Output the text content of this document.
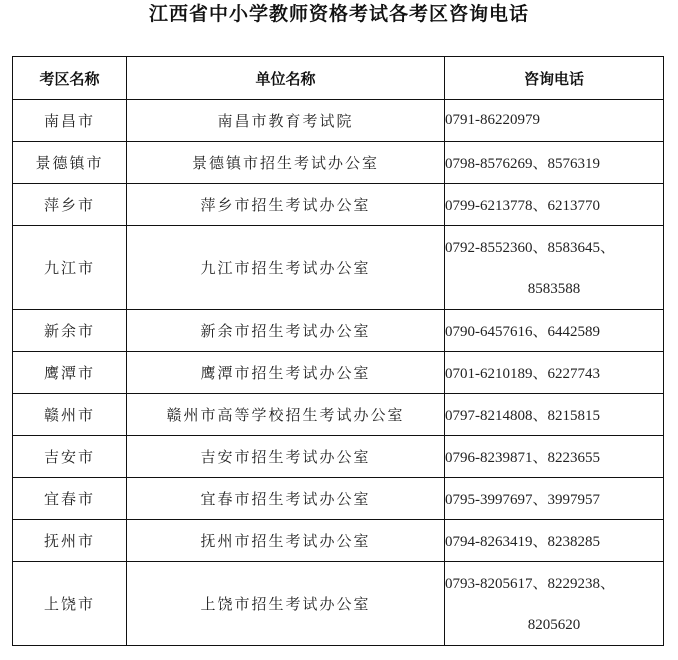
江西省中小学教师资格考试各考区咨询电话
考区名称	单位名称	咨询电话
南昌市	南昌市教育考试院	0791-86220979
景德镇市	景德镇市招生考试办公室	0798-8576269、8576319
萍乡市	萍乡市招生考试办公室	0799-6213778、6213770
九江市	九江市招生考试办公室	0792-8552360、8583645、
8583588

新余市	新余市招生考试办公室	0790-6457616、6442589
鹰潭市	鹰潭市招生考试办公室	0701-6210189、6227743
赣州市	赣州市高等学校招生考试办公室	0797-8214808、8215815
吉安市	吉安市招生考试办公室	0796-8239871、8223655
宜春市	宜春市招生考试办公室	0795-3997697、3997957
抚州市	抚州市招生考试办公室	0794-8263419、8238285
上饶市	上饶市招生考试办公室	0793-8205617、8229238、
8205620
